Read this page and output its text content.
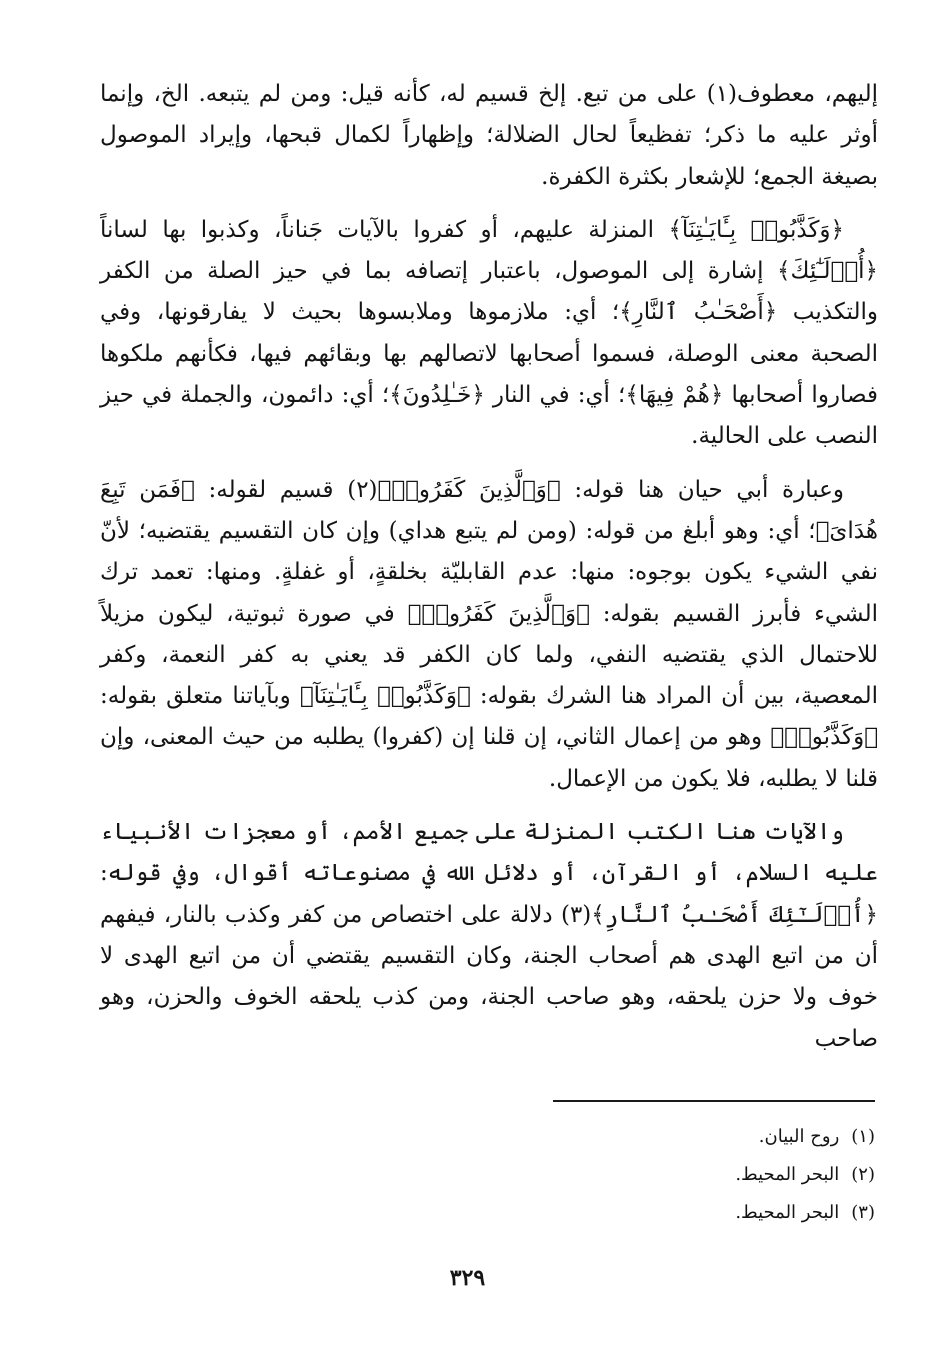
إليهم، معطوف(١) على من تبع. إلخ قسيم له، كأنه قيل: ومن لم يتبعه. الخ، وإنما أوثر عليه ما ذكر؛ تفظيعاً لحال الضلالة؛ وإظهاراً لكمال قبحها، وإيراد الموصول بصيغة الجمع؛ للإشعار بكثرة الكفرة.

﴿وَكَذَّبُوا۟ بِـَٔايَـٰتِنَآ﴾ المنزلة عليهم، أو كفروا بالآيات جَناناً، وكذبوا بها لساناً ﴿أُو۟لَـٰٓئِكَ﴾ إشارة إلى الموصول، باعتبار إتصافه بما في حيز الصلة من الكفر والتكذيب ﴿أَصْحَـٰبُ ٱلنَّارِ﴾؛ أي: ملازموها وملابسوها بحيث لا يفارقونها، وفي الصحبة معنى الوصلة، فسموا أصحابها لاتصالهم بها وبقائهم فيها، فكأنهم ملكوها فصاروا أصحابها ﴿هُمْ فِيهَا﴾؛ أي: في النار ﴿خَـٰلِدُونَ﴾؛ أي: دائمون، والجملة في حيز النصب على الحالية.

وعبارة أبي حيان هنا قوله: ﴿وَٱلَّذِينَ كَفَرُوا۟﴾(٢) قسيم لقوله: ﴿فَمَن تَبِعَ هُدَاىَ﴾؛ أي: وهو أبلغ من قوله: (ومن لم يتبع هداي) وإن كان التقسيم يقتضيه؛ لأنّ نفي الشيء يكون بوجوه: منها: عدم القابليّة بخلقةٍ، أو غفلةٍ. ومنها: تعمد ترك الشيء فأبرز القسيم بقوله: ﴿وَٱلَّذِينَ كَفَرُوا۟﴾ في صورة ثبوتية، ليكون مزيلاً للاحتمال الذي يقتضيه النفي، ولما كان الكفر قد يعني به كفر النعمة، وكفر المعصية، بين أن المراد هنا الشرك بقوله: ﴿وَكَذَّبُوا۟ بِـَٔايَـٰتِنَآ﴾ وبآياتنا متعلق بقوله: ﴿وَكَذَّبُوا۟﴾ وهو من إعمال الثاني، إن قلنا إن (كفروا) يطلبه من حيث المعنى، وإن قلنا لا يطلبه، فلا يكون من الإعمال.

والآيات هنا الكتب المنزلة على جميع الأمم، أو معجزات الأنبياء عليه السلام، أو القرآن، أو دلائل الله في مصنوعاته أقوال، وفي قوله: ﴿أُو۟لَـٰٓئِكَ أَصْحَـٰبُ ٱلنَّارِ﴾(٣) دلالة على اختصاص من كفر وكذب بالنار، فيفهم أن من اتبع الهدى هم أصحاب الجنة، وكان التقسيم يقتضي أن من اتبع الهدى لا خوف ولا حزن يلحقه، وهو صاحب الجنة، ومن كذب يلحقه الخوف والحزن، وهو صاحب

(١)روح البيان.
(٢)البحر المحيط.
(٣)البحر المحيط.
٣٢٩
